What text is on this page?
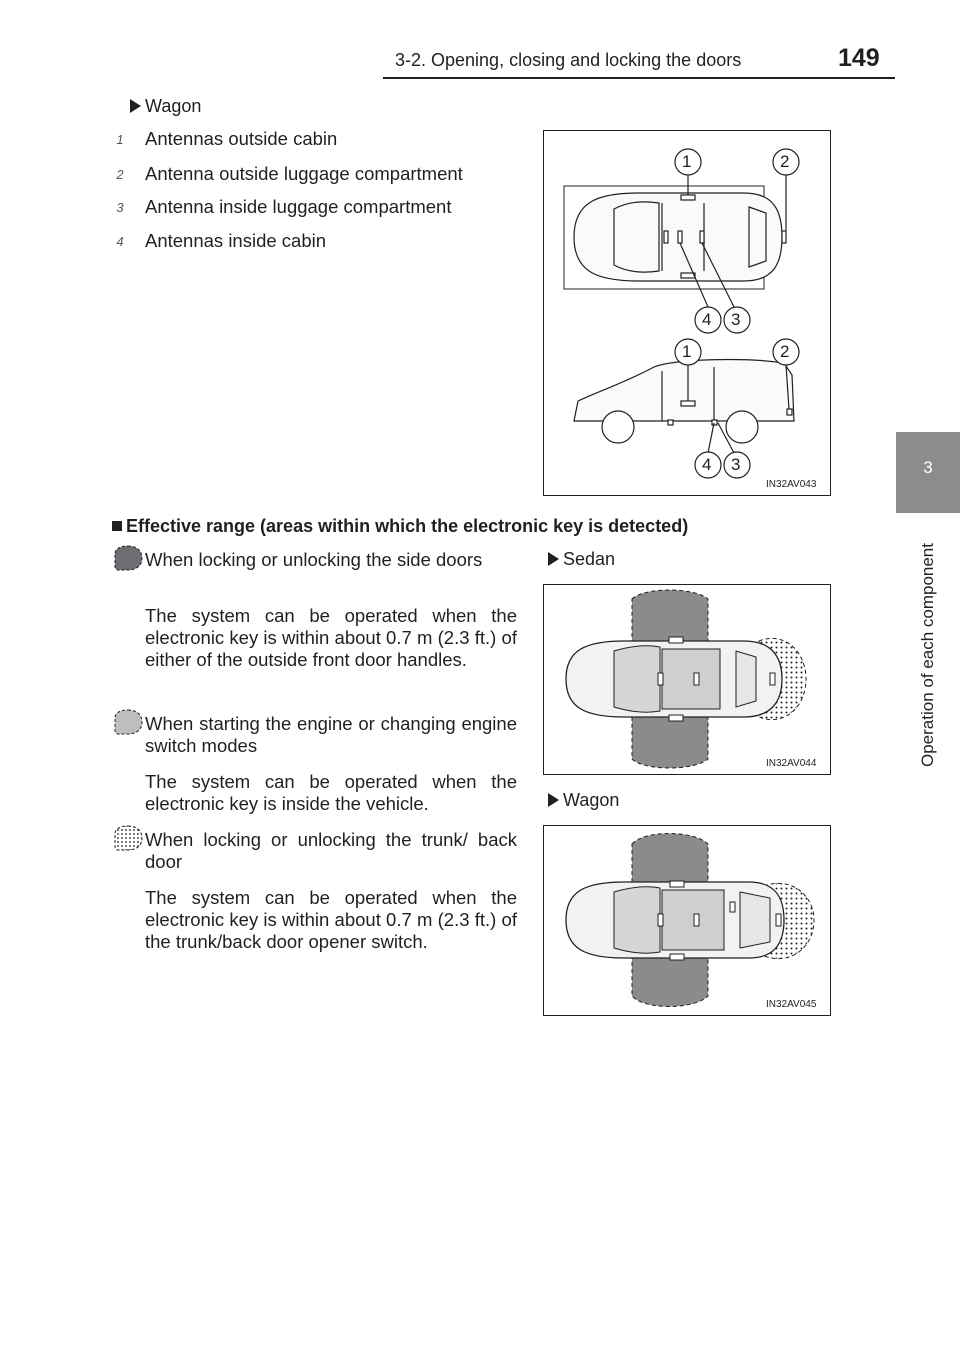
3-2. Opening, closing and locking the doors	149
3
Operation of each component
Wagon
1 Antennas outside cabin
2 Antenna outside luggage compartment
3 Antenna inside luggage compartment
4 Antennas inside cabin
1	2
4 3
1	2
4 3
IN32AV043
Effective range (areas within which the electronic key is detected)
When locking or unlocking the side doors
The system can be operated when the electronic key is within about 0.7 m (2.3 ft.) of either of the outside front door handles.
When starting the engine or changing engine switch modes
The system can be operated when the electronic key is inside the vehicle.
When locking or unlocking the trunk/ back door
The system can be operated when the electronic key is within about 0.7 m (2.3 ft.) of the trunk/back door opener switch.
Sedan
IN32AV044
Wagon
IN32AV045
